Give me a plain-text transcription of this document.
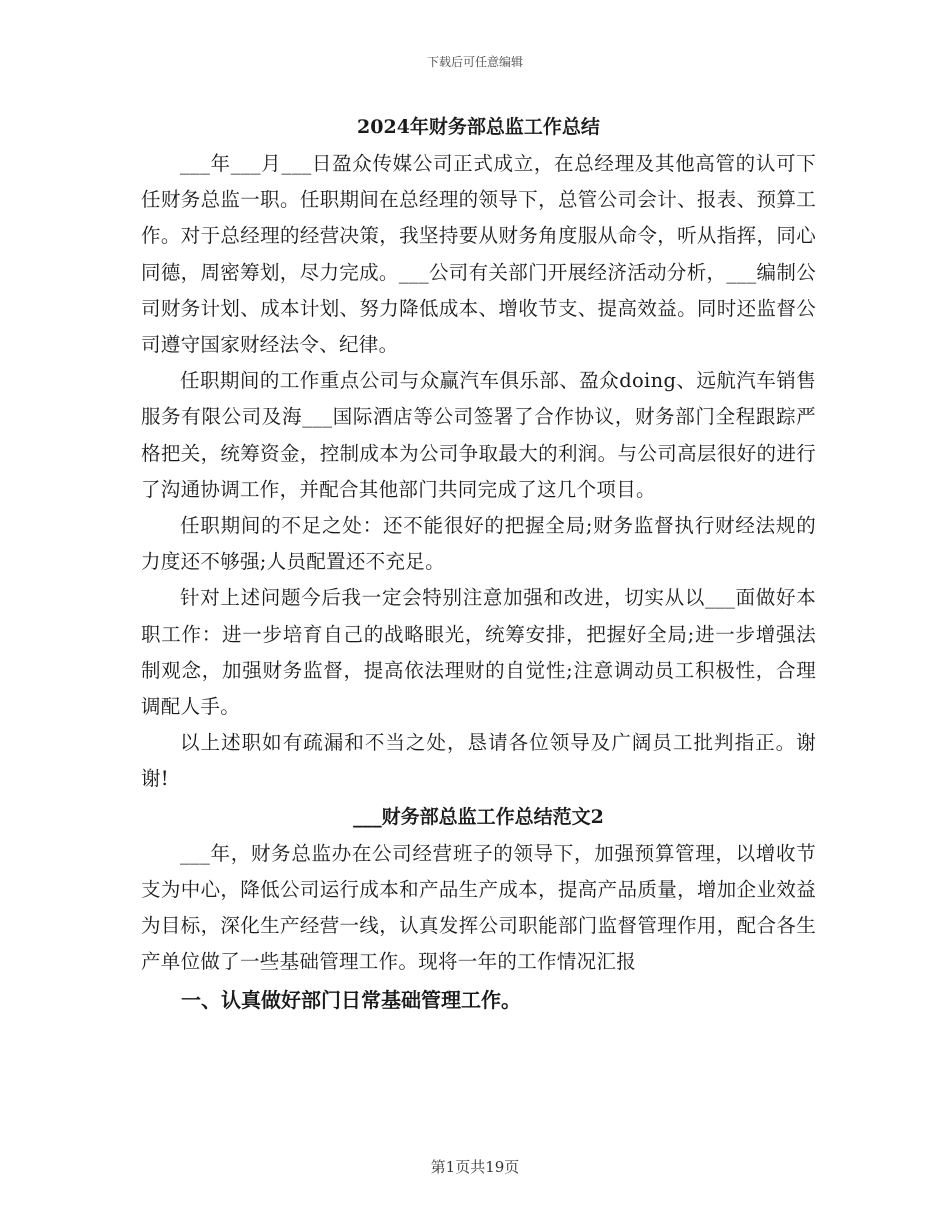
下载后可任意编辑
2024年财务部总监工作总结

___年___月___日盈众传媒公司正式成立，在总经理及其他高管的认可下任财务总监一职。任职期间在总经理的领导下，总管公司会计、报表、预算工作。对于总经理的经营决策，我坚持要从财务角度服从命令，听从指挥，同心同德，周密筹划，尽力完成。___公司有关部门开展经济活动分析，___编制公司财务计划、成本计划、努力降低成本、增收节支、提高效益。同时还监督公司遵守国家财经法令、纪律。

任职期间的工作重点公司与众赢汽车俱乐部、盈众doing、远航汽车销售服务有限公司及海___国际酒店等公司签署了合作协议，财务部门全程跟踪严格把关，统筹资金，控制成本为公司争取最大的利润。与公司高层很好的进行了沟通协调工作，并配合其他部门共同完成了这几个项目。

任职期间的不足之处：还不能很好的把握全局;财务监督执行财经法规的力度还不够强;人员配置还不充足。

针对上述问题今后我一定会特别注意加强和改进，切实从以___面做好本职工作：进一步培育自己的战略眼光，统筹安排，把握好全局;进一步增强法制观念，加强财务监督，提高依法理财的自觉性;注意调动员工积极性，合理调配人手。

以上述职如有疏漏和不当之处，恳请各位领导及广阔员工批判指正。谢谢!

___财务部总监工作总结范文2

___年，财务总监办在公司经营班子的领导下，加强预算管理，以增收节支为中心，降低公司运行成本和产品生产成本，提高产品质量，增加企业效益为目标，深化生产经营一线，认真发挥公司职能部门监督管理作用，配合各生产单位做了一些基础管理工作。现将一年的工作情况汇报

一、认真做好部门日常基础管理工作。
第1页共19页
